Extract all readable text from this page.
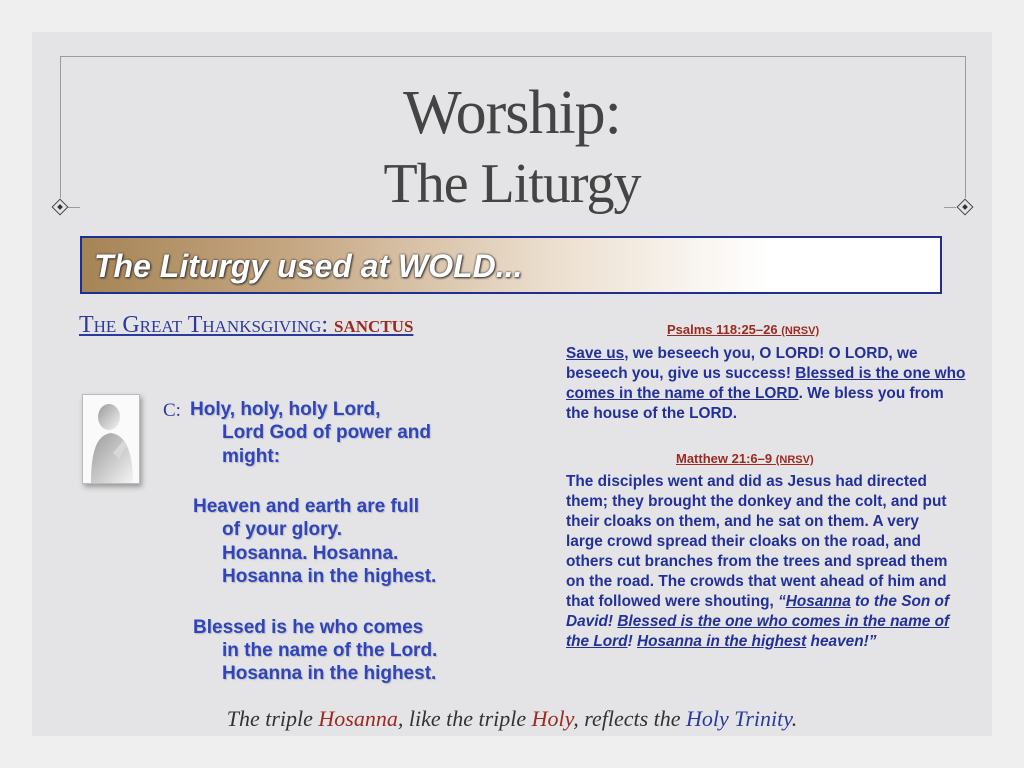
Worship:
The Liturgy
The Liturgy used at WOLD...
The Great Thanksgiving: sanctus
C: Holy, holy, holy Lord,
Lord God of power and
might:
Heaven and earth are full
of your glory.
Hosanna. Hosanna.
Hosanna in the highest.
Blessed is he who comes
in the name of the Lord.
Hosanna in the highest.
Psalms 118:25–26 (NRSV)
Save us, we beseech you, O LORD! O LORD, we beseech you, give us success! Blessed is the one who comes in the name of the LORD. We bless you from the house of the LORD.
Matthew 21:6–9 (NRSV)
The disciples went and did as Jesus had directed them; they brought the donkey and the colt, and put their cloaks on them, and he sat on them. A very large crowd spread their cloaks on the road, and others cut branches from the trees and spread them on the road. The crowds that went ahead of him and that followed were shouting, “Hosanna to the Son of David! Blessed is the one who comes in the name of the Lord! Hosanna in the highest heaven!”
The triple Hosanna, like the triple Holy, reflects the Holy Trinity.
